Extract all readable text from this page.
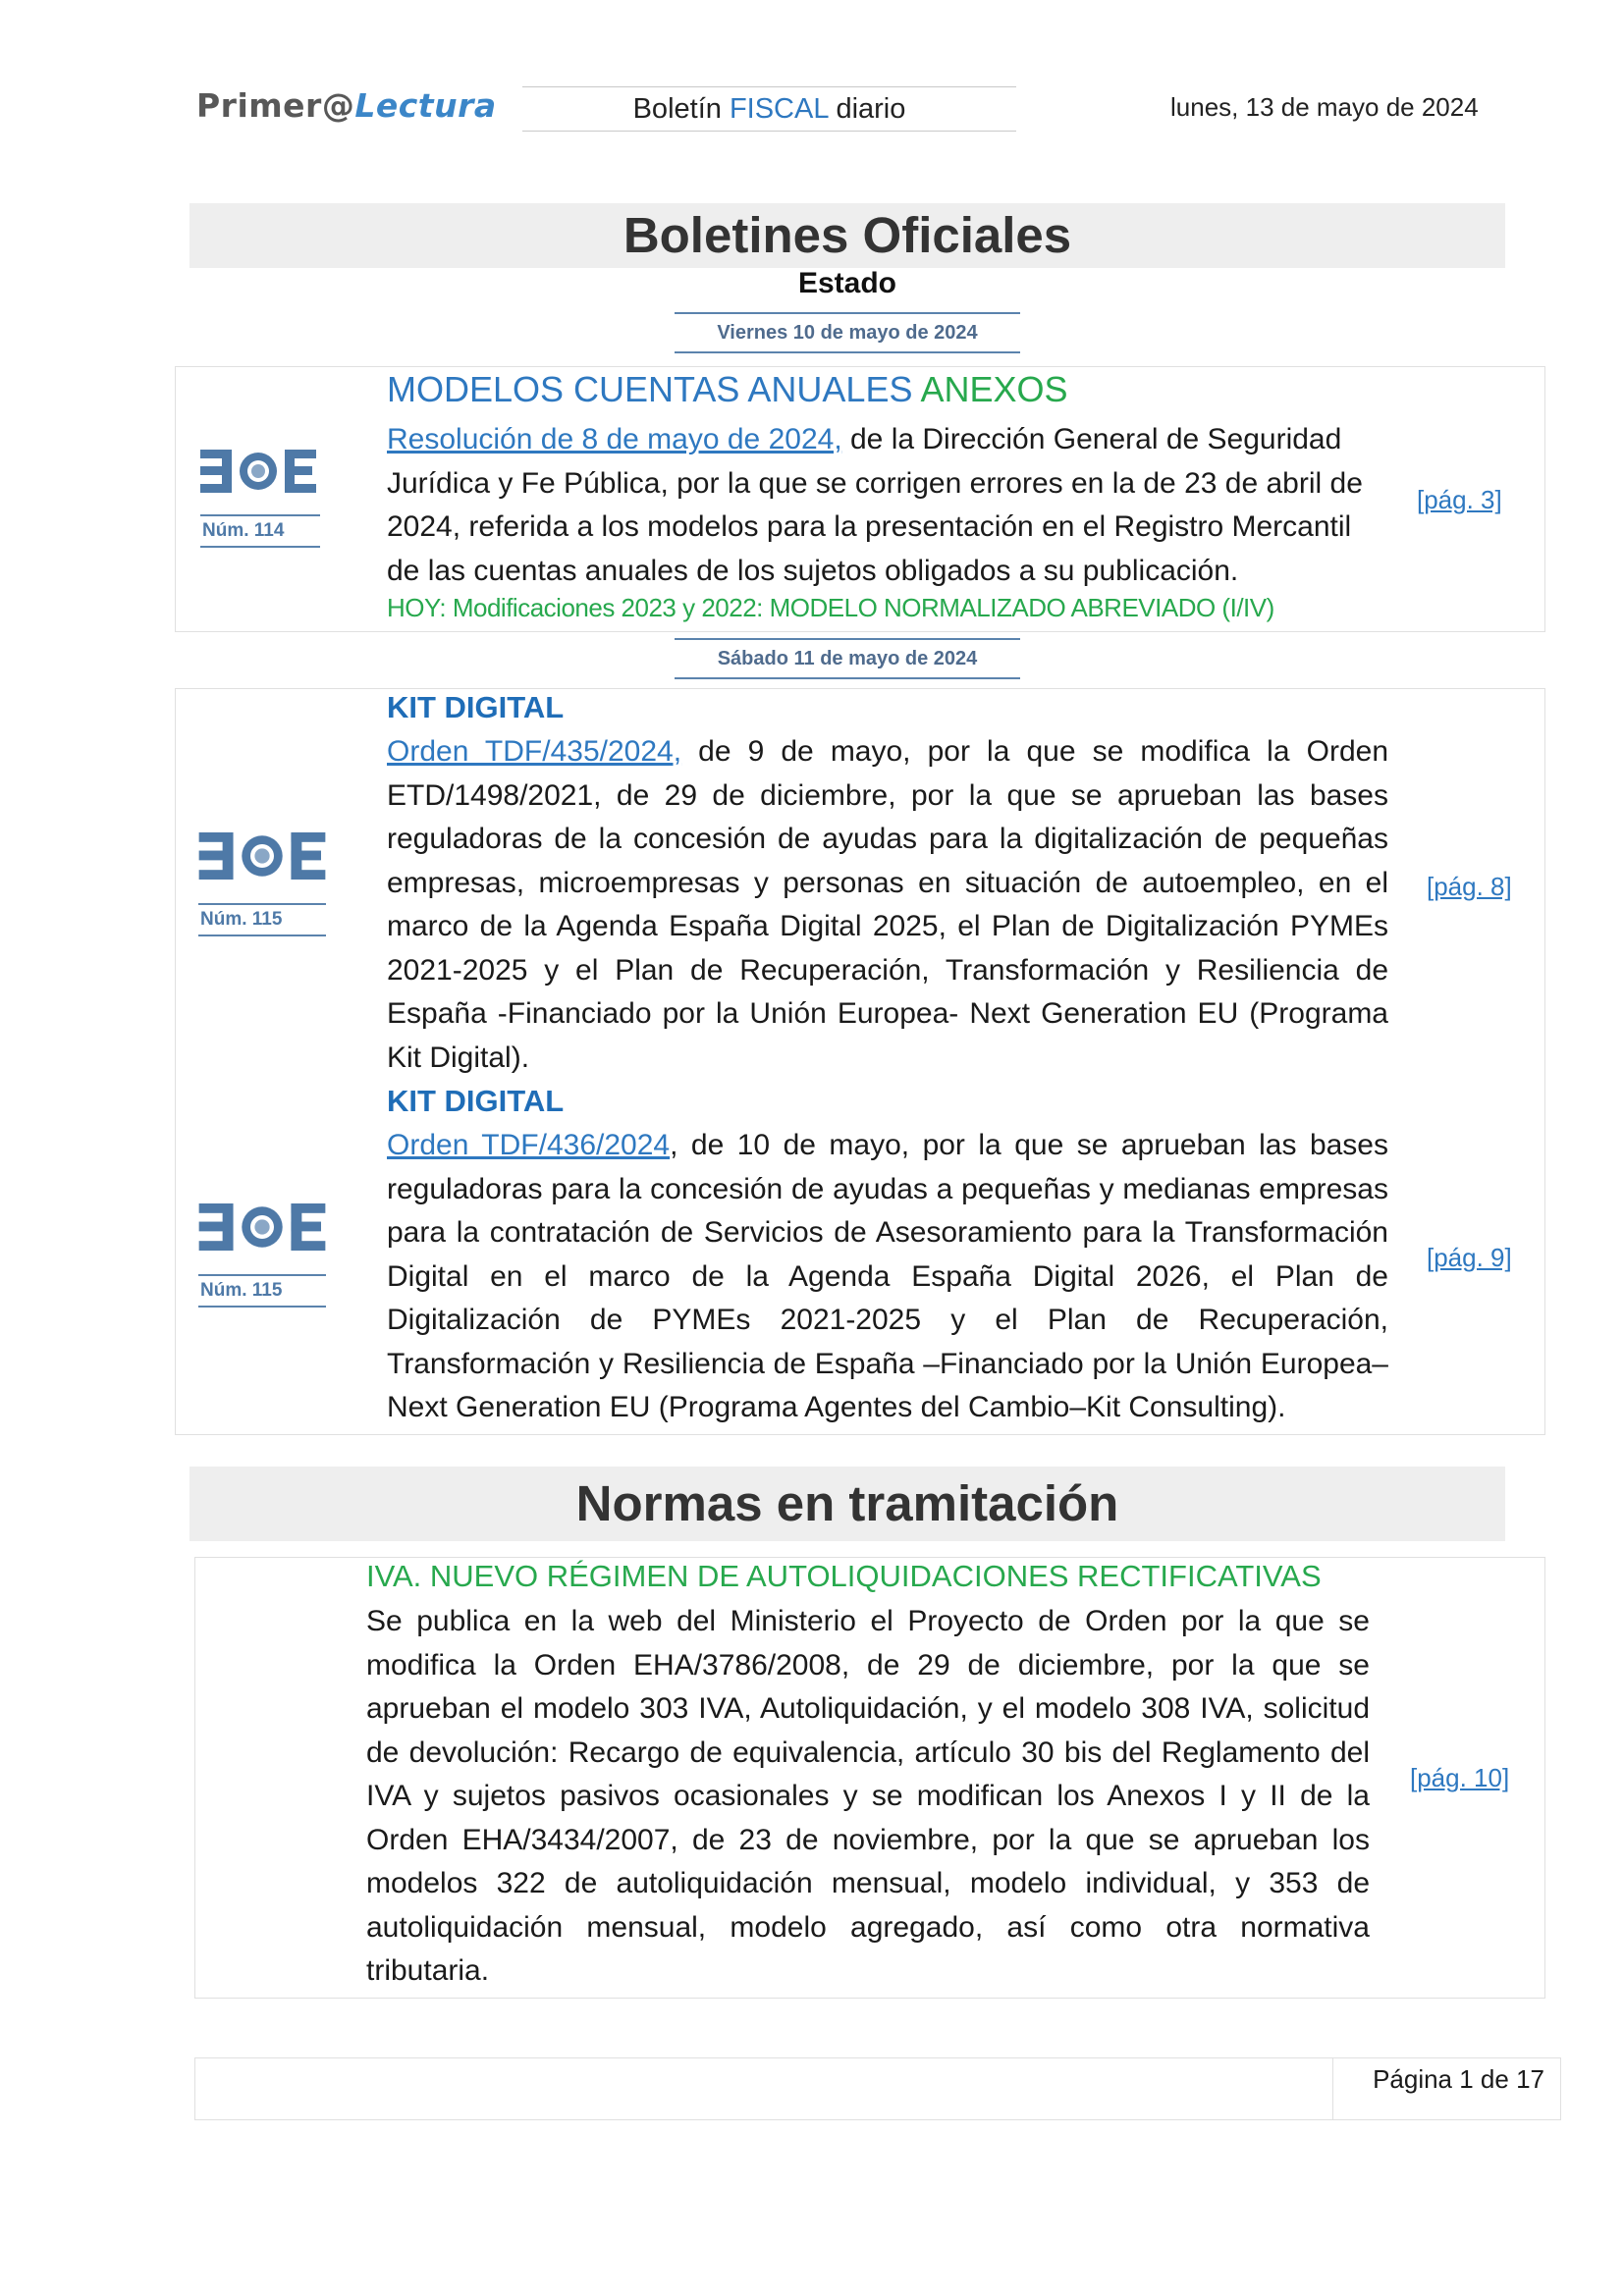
Primer@Lectura	Boletín FISCAL diario	lunes, 13 de mayo de 2024
Boletines Oficiales
Estado
Viernes 10 de mayo de 2024
Núm. 114
MODELOS CUENTAS ANUALES ANEXOS
Resolución de 8 de mayo de 2024, de la Dirección General de Seguridad Jurídica y Fe Pública, por la que se corrigen errores en la de 23 de abril de 2024, referida a los modelos para la presentación en el Registro Mercantil de las cuentas anuales de los sujetos obligados a su publicación.
HOY: Modificaciones 2023 y 2022: MODELO NORMALIZADO ABREVIADO (I/IV)
[pág. 3]
Sábado 11 de mayo de 2024
Núm. 115
KIT DIGITAL
Orden TDF/435/2024, de 9 de mayo, por la que se modifica la Orden ETD/1498/2021, de 29 de diciembre, por la que se aprueban las bases reguladoras de la concesión de ayudas para la digitalización de pequeñas empresas, microempresas y personas en situación de autoempleo, en el marco de la Agenda España Digital 2025, el Plan de Digitalización PYMEs 2021-2025 y el Plan de Recuperación, Transformación y Resiliencia de España -Financiado por la Unión Europea- Next Generation EU (Programa Kit Digital).
[pág. 8]
Núm. 115
KIT DIGITAL
Orden TDF/436/2024, de 10 de mayo, por la que se aprueban las bases reguladoras para la concesión de ayudas a pequeñas y medianas empresas para la contratación de Servicios de Asesoramiento para la Transformación Digital en el marco de la Agenda España Digital 2026, el Plan de Digitalización de PYMEs 2021-2025 y el Plan de Recuperación, Transformación y Resiliencia de España –Financiado por la Unión Europea– Next Generation EU (Programa Agentes del Cambio–Kit Consulting).
[pág. 9]
Normas en tramitación
IVA. NUEVO RÉGIMEN DE AUTOLIQUIDACIONES RECTIFICATIVAS
Se publica en la web del Ministerio el Proyecto de Orden por la que se modifica la Orden EHA/3786/2008, de 29 de diciembre, por la que se aprueban el modelo 303 IVA, Autoliquidación, y el modelo 308 IVA, solicitud de devolución: Recargo de equivalencia, artículo 30 bis del Reglamento del IVA y sujetos pasivos ocasionales y se modifican los Anexos I y II de la Orden EHA/3434/2007, de 23 de noviembre, por la que se aprueban los modelos 322 de autoliquidación mensual, modelo individual, y 353 de autoliquidación mensual, modelo agregado, así como otra normativa tributaria.
[pág. 10]
Página 1 de 17
